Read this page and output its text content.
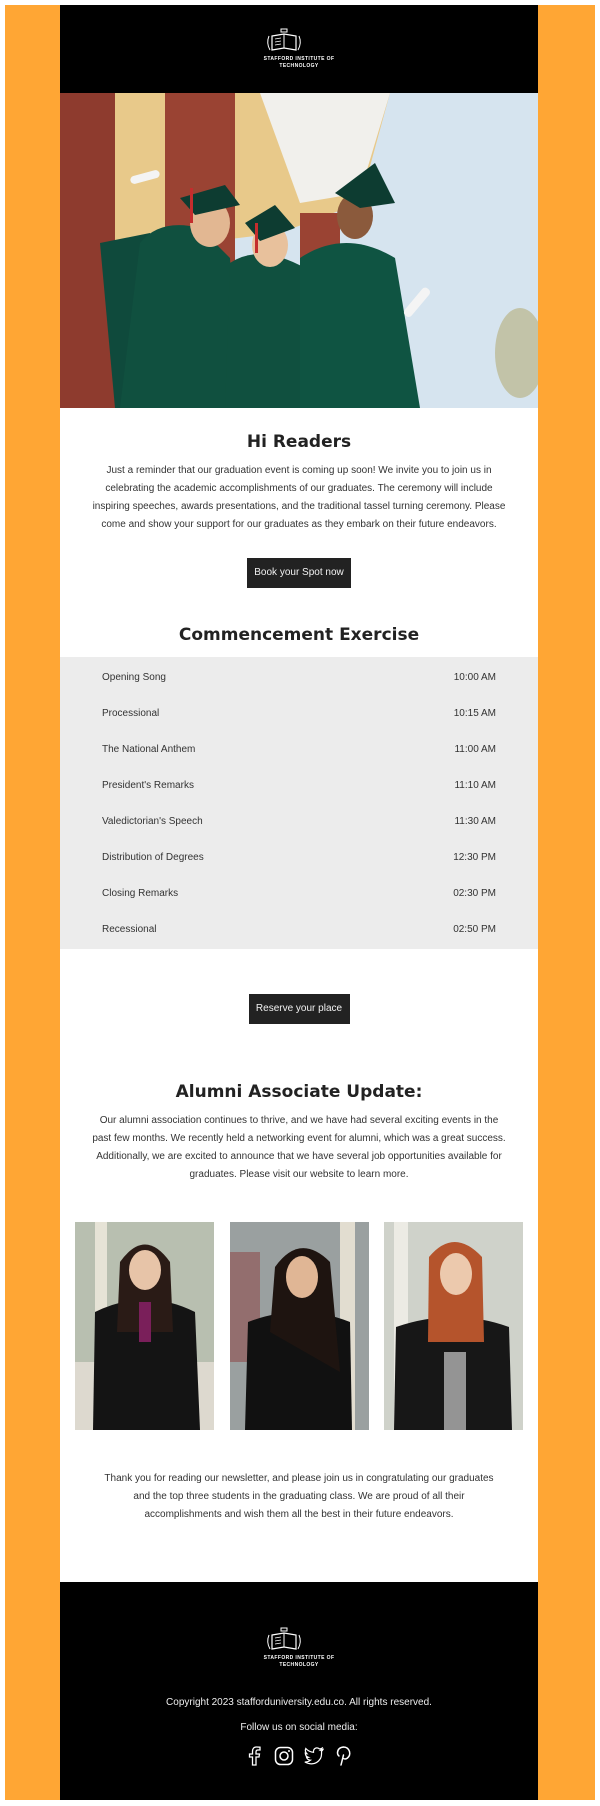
STAFFORD INSTITUTE OF
TECHNOLOGY
Hi Readers

Just a reminder that our graduation event is coming up soon! We invite you to join us in celebrating the academic accomplishments of our graduates. The ceremony will include inspiring speeches, awards presentations, and the traditional tassel turning ceremony. Please come and show your support for our graduates as they embark on their future endeavors.

Book your Spot now
Commencement Exercise
Opening Song	10:00 AM
Processional	10:15 AM
The National Anthem	11:00 AM
President's Remarks	11:10 AM
Valedictorian's Speech	11:30 AM
Distribution of Degrees	12:30 PM
Closing Remarks	02:30 PM
Recessional	02:50 PM
Reserve your place
Alumni Associate Update:

Our alumni association continues to thrive, and we have had several exciting events in the past few months. We recently held a networking event for alumni, which was a great success. Additionally, we are excited to announce that we have several job opportunities available for graduates. Please visit our website to learn more.

Thank you for reading our newsletter, and please join us in congratulating our graduates and the top three students in the graduating class. We are proud of all their accomplishments and wish them all the best in their future endeavors.

STAFFORD INSTITUTE OF
TECHNOLOGY
Copyright 2023 stafforduniversity.edu.co. All rights reserved.
Follow us on social media:
